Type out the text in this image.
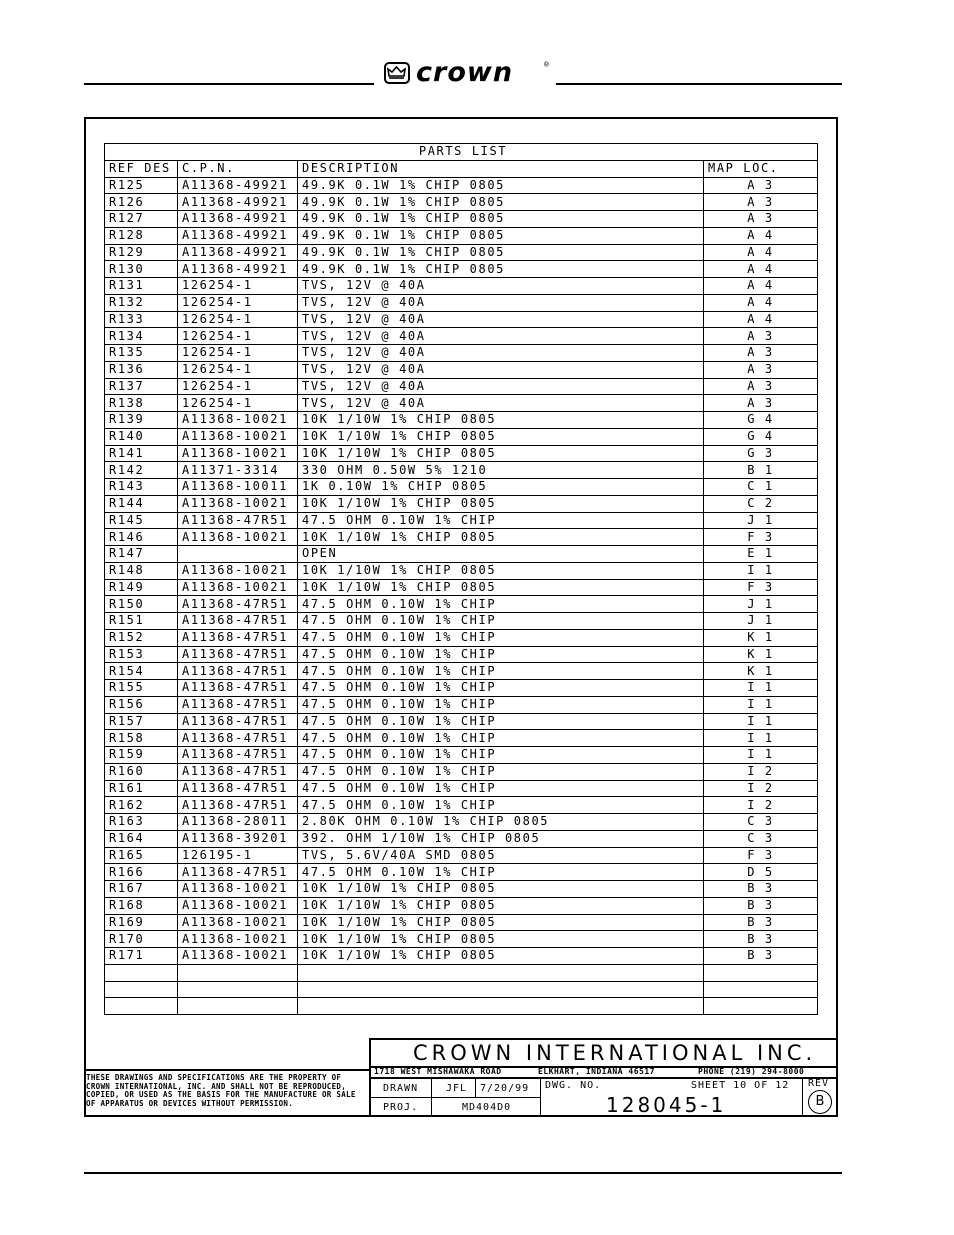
crown	®
PARTS LIST			
REF DES	C.P.N.	DESCRIPTION	MAP LOC.
R125	A11368-49921	49.9K 0.1W 1% CHIP 0805	A 3
R126	A11368-49921	49.9K 0.1W 1% CHIP 0805	A 3
R127	A11368-49921	49.9K 0.1W 1% CHIP 0805	A 3
R128	A11368-49921	49.9K 0.1W 1% CHIP 0805	A 4
R129	A11368-49921	49.9K 0.1W 1% CHIP 0805	A 4
R130	A11368-49921	49.9K 0.1W 1% CHIP 0805	A 4
R131	126254-1	TVS, 12V @ 40A	A 4
R132	126254-1	TVS, 12V @ 40A	A 4
R133	126254-1	TVS, 12V @ 40A	A 4
R134	126254-1	TVS, 12V @ 40A	A 3
R135	126254-1	TVS, 12V @ 40A	A 3
R136	126254-1	TVS, 12V @ 40A	A 3
R137	126254-1	TVS, 12V @ 40A	A 3
R138	126254-1	TVS, 12V @ 40A	A 3
R139	A11368-10021	10K 1/10W 1% CHIP 0805	G 4
R140	A11368-10021	10K 1/10W 1% CHIP 0805	G 4
R141	A11368-10021	10K 1/10W 1% CHIP 0805	G 3
R142	A11371-3314	330 OHM 0.50W 5% 1210	B 1
R143	A11368-10011	1K 0.10W 1% CHIP 0805	C 1
R144	A11368-10021	10K 1/10W 1% CHIP 0805	C 2
R145	A11368-47R51	47.5 OHM 0.10W 1% CHIP	J 1
R146	A11368-10021	10K 1/10W 1% CHIP 0805	F 3
R147		OPEN	E 1
R148	A11368-10021	10K 1/10W 1% CHIP 0805	I 1
R149	A11368-10021	10K 1/10W 1% CHIP 0805	F 3
R150	A11368-47R51	47.5 OHM 0.10W 1% CHIP	J 1
R151	A11368-47R51	47.5 OHM 0.10W 1% CHIP	J 1
R152	A11368-47R51	47.5 OHM 0.10W 1% CHIP	K 1
R153	A11368-47R51	47.5 OHM 0.10W 1% CHIP	K 1
R154	A11368-47R51	47.5 OHM 0.10W 1% CHIP	K 1
R155	A11368-47R51	47.5 OHM 0.10W 1% CHIP	I 1
R156	A11368-47R51	47.5 OHM 0.10W 1% CHIP	I 1
R157	A11368-47R51	47.5 OHM 0.10W 1% CHIP	I 1
R158	A11368-47R51	47.5 OHM 0.10W 1% CHIP	I 1
R159	A11368-47R51	47.5 OHM 0.10W 1% CHIP	I 1
R160	A11368-47R51	47.5 OHM 0.10W 1% CHIP	I 2
R161	A11368-47R51	47.5 OHM 0.10W 1% CHIP	I 2
R162	A11368-47R51	47.5 OHM 0.10W 1% CHIP	I 2
R163	A11368-28011	2.80K OHM 0.10W 1% CHIP 0805	C 3
R164	A11368-39201	392. OHM 1/10W 1% CHIP 0805	C 3
R165	126195-1	TVS, 5.6V/40A SMD 0805	F 3
R166	A11368-47R51	47.5 OHM 0.10W 1% CHIP	D 5
R167	A11368-10021	10K 1/10W 1% CHIP 0805	B 3
R168	A11368-10021	10K 1/10W 1% CHIP 0805	B 3
R169	A11368-10021	10K 1/10W 1% CHIP 0805	B 3
R170	A11368-10021	10K 1/10W 1% CHIP 0805	B 3
R171	A11368-10021	10K 1/10W 1% CHIP 0805	B 3

THESE DRAWINGS AND SPECIFICATIONS ARE THE PROPERTY OF CROWN INTERNATIONAL, INC. AND SHALL NOT BE REPRODUCED, COPIED, OR USED AS THE BASIS FOR THE MANUFACTURE OR SALE OF APPARATUS OR DEVICES WITHOUT PERMISSION.
CROWN INTERNATIONAL INC.
1718 WEST MISHAWAKA ROAD	ELKHART, INDIANA 46517	PHONE (219) 294-8000
DRAWN	JFL 7/20/99 DWG. NO.	SHEET 10 OF 12 REV
B
PROJ.	MD404D0	128045-1
